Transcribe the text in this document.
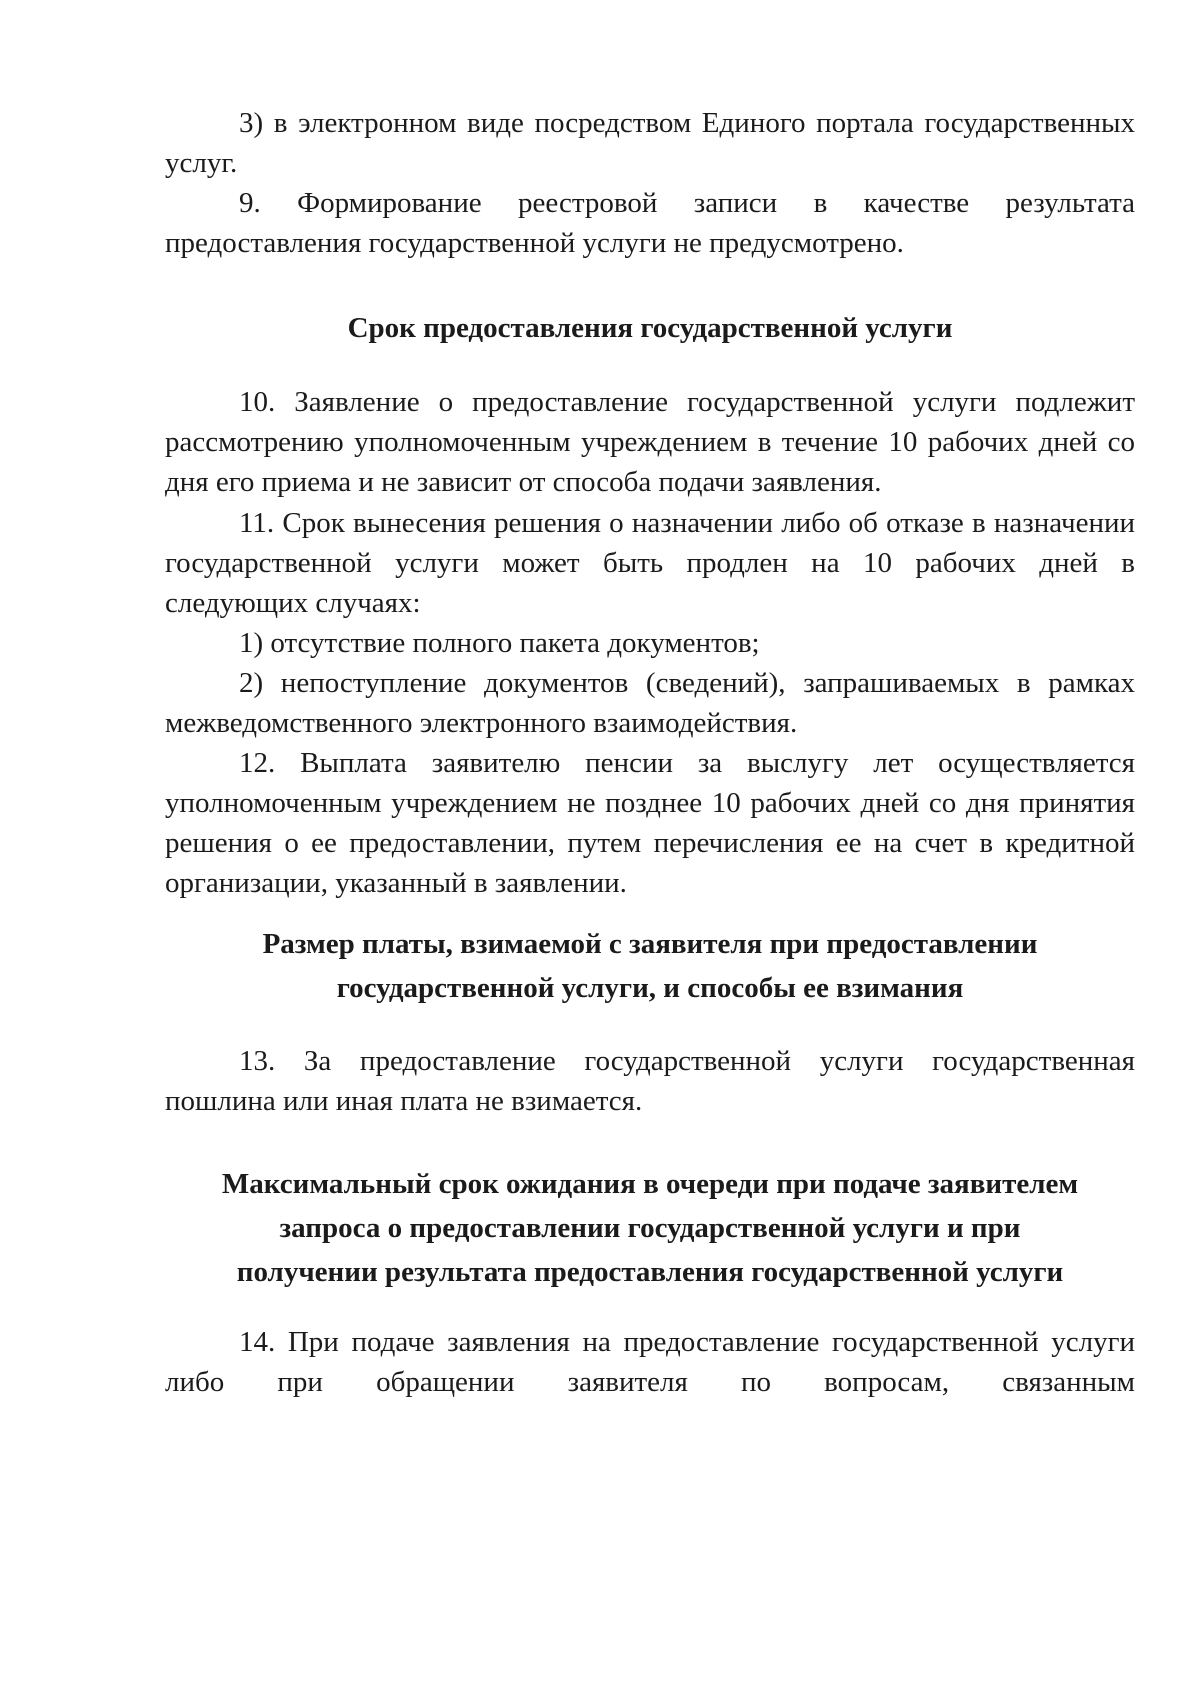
3) в электронном виде посредством Единого портала государственных услуг.

9. Формирование реестровой записи в качестве результата предоставления государственной услуги не предусмотрено.

Срок предоставления государственной услуги

10. Заявление о предоставление государственной услуги подлежит рассмотрению уполномоченным учреждением в течение 10 рабочих дней со дня его приема и не зависит от способа подачи заявления.

11. Срок вынесения решения о назначении либо об отказе в назначении государственной услуги может быть продлен на 10 рабочих дней в следующих случаях:

1) отсутствие полного пакета документов;

2) непоступление документов (сведений), запрашиваемых в рамках межведомственного электронного взаимодействия.

12. Выплата заявителю пенсии за выслугу лет осуществляется уполномоченным учреждением не позднее 10 рабочих дней со дня принятия решения о ее предоставлении, путем перечисления ее на счет в кредитной организации, указанный в заявлении.

Размер платы, взимаемой с заявителя при предоставлении
государственной услуги, и способы ее взимания

13. За предоставление государственной услуги государственная пошлина или иная плата не взимается.

Максимальный срок ожидания в очереди при подаче заявителем
запроса о предоставлении государственной услуги и при
получении результата предоставления государственной услуги

14. При подаче заявления на предоставление государственной услуги либо при обращении заявителя по вопросам, связанным
